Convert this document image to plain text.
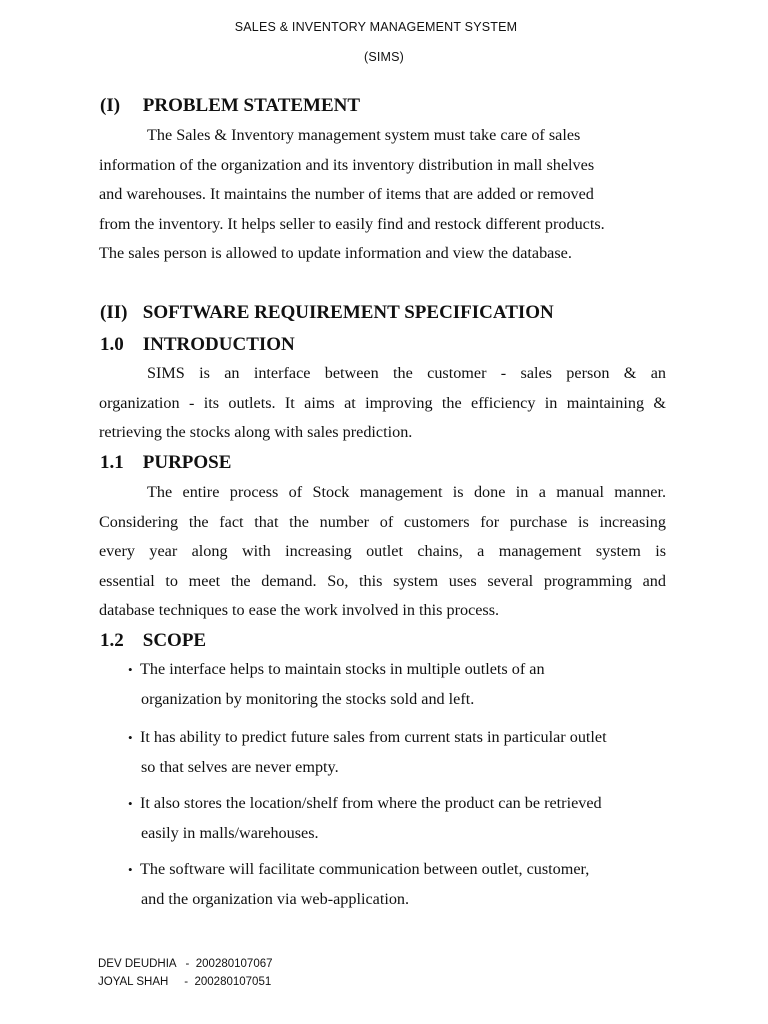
SALES & INVENTORY MANAGEMENT SYSTEM
(SIMS)
(I) PROBLEM STATEMENT
The Sales & Inventory management system must take care of sales
information of the organization and its inventory distribution in mall shelves
and warehouses. It maintains the number of items that are added or removed
from the inventory. It helps seller to easily find and restock different products.
The sales person is allowed to update information and view the database.
(II) SOFTWARE REQUIREMENT SPECIFICATION
1.0 INTRODUCTION
SIMS is an interface between the customer - sales person & an
organization - its outlets. It aims at improving the efficiency in maintaining &
retrieving the stocks along with sales prediction.
1.1 PURPOSE
The entire process of Stock management is done in a manual manner.
Considering the fact that the number of customers for purchase is increasing
every year along with increasing outlet chains, a management system is
essential to meet the demand. So, this system uses several programming and
database techniques to ease the work involved in this process.
1.2 SCOPE
• The interface helps to maintain stocks in multiple outlets of an
organization by monitoring the stocks sold and left.
• It has ability to predict future sales from current stats in particular outlet
so that selves are never empty.
• It also stores the location/shelf from where the product can be retrieved
easily in malls/warehouses.
• The software will facilitate communication between outlet, customer,
and the organization via web-application.
DEV DEUDHIA   -  200280107067
JOYAL SHAH     -  200280107051
